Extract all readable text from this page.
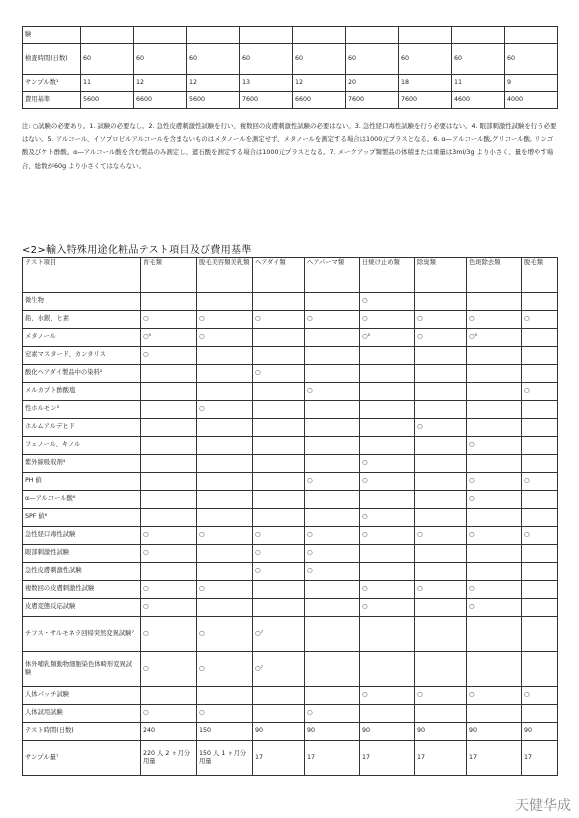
験									
検査時間(日数)	60	60	60	60	60	60	60	60	60
サンプル数¹	11	12	12	13	12	20	18	11	9
費用基準	5600	6600	5600	7600	6600	7600	7600	4600	4000
注: ○試験の必要あり。1. 試験の必要なし。2. 急性皮膚刺激性試験を行い、複数回の皮膚刺激性試験の必要はない。3. 急性経口毒性試験を行う必要はない。4. 眼部刺激性試験を行う必要はない。5. アルコール、イソプロピルアルコールを含まないものはメタノールを測定せず、メタノールを測定する場合は1000元プラスとなる。6. α―アルコール酸,グリコール酸, リンゴ酸及びケト酢酸。α―アルコール酸を含む製品のみ測定し、遮石酸を測定する場合は1000元プラスとなる。7. メークアップ類製品の体積または重量は3ml/3g より小さく、量を増やす場合、総数が60g より小さくてはならない。
<2>輸入特殊用途化粧品テスト項目及び費用基準
テスト項目	育毛類	脱毛美容類美乳類	ヘアダイ類	ヘアパーマ類	日焼け止め類	除臭類	色斑除去類	脱毛類
微生物					○			
鉛、水銀、ヒ素	○	○	○	○	○	○	○	○
メタノール	○⁵	○			○⁵	○	○⁵	
窒素マスタード、カンタリス	○							
酸化ヘアダイ製品中の染料²			○					
メルカプト酢酸塩				○				○
性ホルモン³		○						
ホルムアルデヒド						○		
フェノール、キノル							○	
紫外線吸収剤⁴					○			
PH 値				○	○		○	○
α―アルコール酸⁶							○	
SPF 値⁶					○			
急性経口毒性試験	○	○	○	○	○	○	○	○
眼部刺激性試験	○		○	○				
急性皮膚刺激性試験			○	○				
複数回の皮膚刺激性試験	○	○			○	○	○	
皮膚変態反応試験	○				○		○	
チフス・サルモネラ回帰突然変異試験⁷	○	○	○⁷					
体外哺乳類動物細胞染色体畸形変異試験	○	○	○⁷					
人体パッチ試験					○	○	○	○
人体試用試験	○	○		○				
テスト時間(日数)	240	150	90	90	90	90	90	90
サンプル量⁷	220 人 2 ヶ月分用量	150 人 1 ヶ月分用量	17	17	17	17	17	17
天健华成
